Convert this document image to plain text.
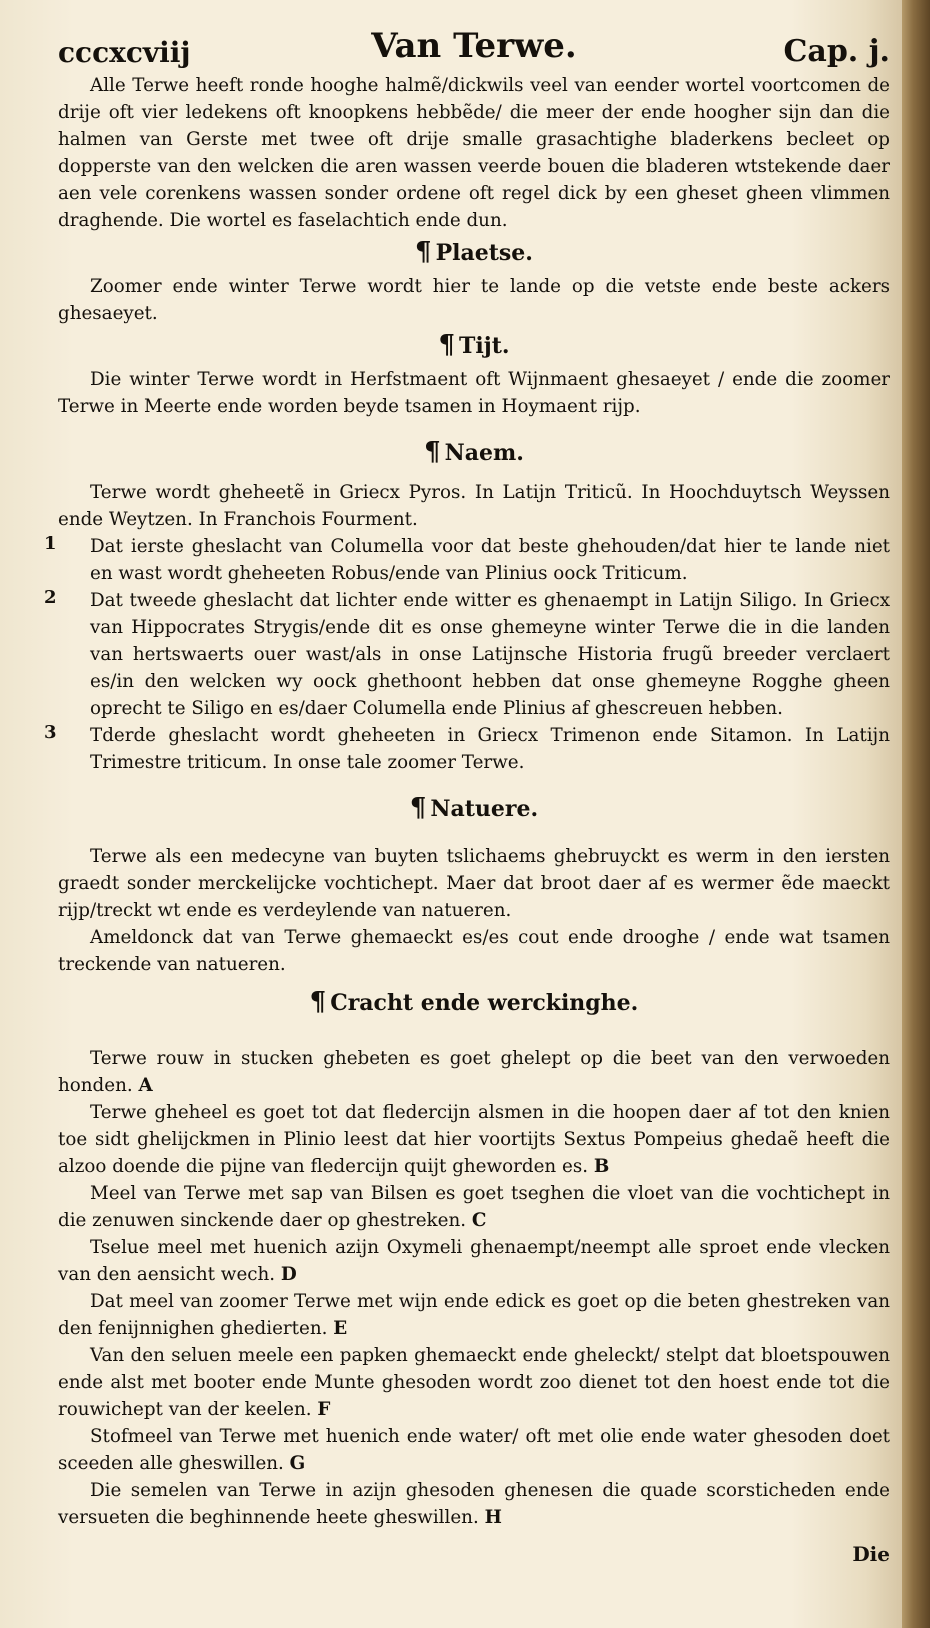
cccxcviij	Van Terwe.	Cap. j.

Alle Terwe heeft ronde hooghe halmẽ/dickwils veel van eender wortel voortcomen de drije oft vier ledekens oft knoopkens hebbẽde/ die meer der ende hoogher sijn dan die halmen van Gerste met twee oft drije smalle grasachtighe bladerkens becleet op dopperste van den welcken die aren wassen veerde bouen die bladeren wtstekende daer aen vele corenkens wassen sonder ordene oft regel dick by een gheset gheen vlimmen draghende. Die wortel es faselachtich ende dun.

¶ Plaetse.

Zoomer ende winter Terwe wordt hier te lande op die vetste ende beste ackers ghesaeyet.

¶ Tijt.

Die winter Terwe wordt in Herfstmaent oft Wijnmaent ghesaeyet / ende die zoomer Terwe in Meerte ende worden beyde tsamen in Hoymaent rijp.

¶ Naem.

Terwe wordt gheheetẽ in Griecx Pyros. In Latijn Triticũ. In Hoochduytsch Weyssen ende Weytzen. In Franchois Fourment.

1 Dat ierste gheslacht van Columella voor dat beste ghehouden/dat hier te lande niet en wast wordt gheheeten Robus/ende van Plinius oock Triticum.

2 Dat tweede gheslacht dat lichter ende witter es ghenaempt in Latijn Siligo. In Griecx van Hippocrates Strygis/ende dit es onse ghemeyne winter Terwe die in die landen van hertswaerts ouer wast/als in onse Latijnsche Historia frugũ breeder verclaert es/in den welcken wy oock ghethoont hebben dat onse ghemeyne Rogghe gheen oprecht te Siligo en es/daer Columella ende Plinius af ghescreuen hebben.

3 Tderde gheslacht wordt gheheeten in Griecx Trimenon ende Sitamon. In Latijn Trimestre triticum. In onse tale zoomer Terwe.

¶ Natuere.

Terwe als een medecyne van buyten tslichaems ghebruyckt es werm in den iersten graedt sonder merckelijcke vochtichept. Maer dat broot daer af es wermer ẽde maeckt rijp/treckt wt ende es verdeylende van natueren.

Ameldonck dat van Terwe ghemaeckt es/es cout ende drooghe / ende wat tsamen treckende van natueren.

¶ Cracht ende werckinghe.

Terwe rouw in stucken ghebeten es goet ghelept op die beet van den verwoeden honden. A

Terwe gheheel es goet tot dat fledercijn alsmen in die hoopen daer af tot den knien toe sidt ghelijckmen in Plinio leest dat hier voortijts Sextus Pompeius ghedaẽ heeft die alzoo doende die pijne van fledercijn quijt gheworden es. B

Meel van Terwe met sap van Bilsen es goet tseghen die vloet van die vochtichept in die zenuwen sinckende daer op ghestreken. C

Tselue meel met huenich azijn Oxymeli ghenaempt/neempt alle sproet ende vlecken van den aensicht wech. D

Dat meel van zoomer Terwe met wijn ende edick es goet op die beten ghestreken van den fenijnnighen ghedierten. E

Van den seluen meele een papken ghemaeckt ende gheleckt/ stelpt dat bloetspouwen ende alst met booter ende Munte ghesoden wordt zoo dienet tot den hoest ende tot die rouwichept van der keelen. F

Stofmeel van Terwe met huenich ende water/ oft met olie ende water ghesoden doet sceeden alle gheswillen. G

Die semelen van Terwe in azijn ghesoden ghenesen die quade scorsticheden ende versueten die beghinnende heete gheswillen. H

Die
